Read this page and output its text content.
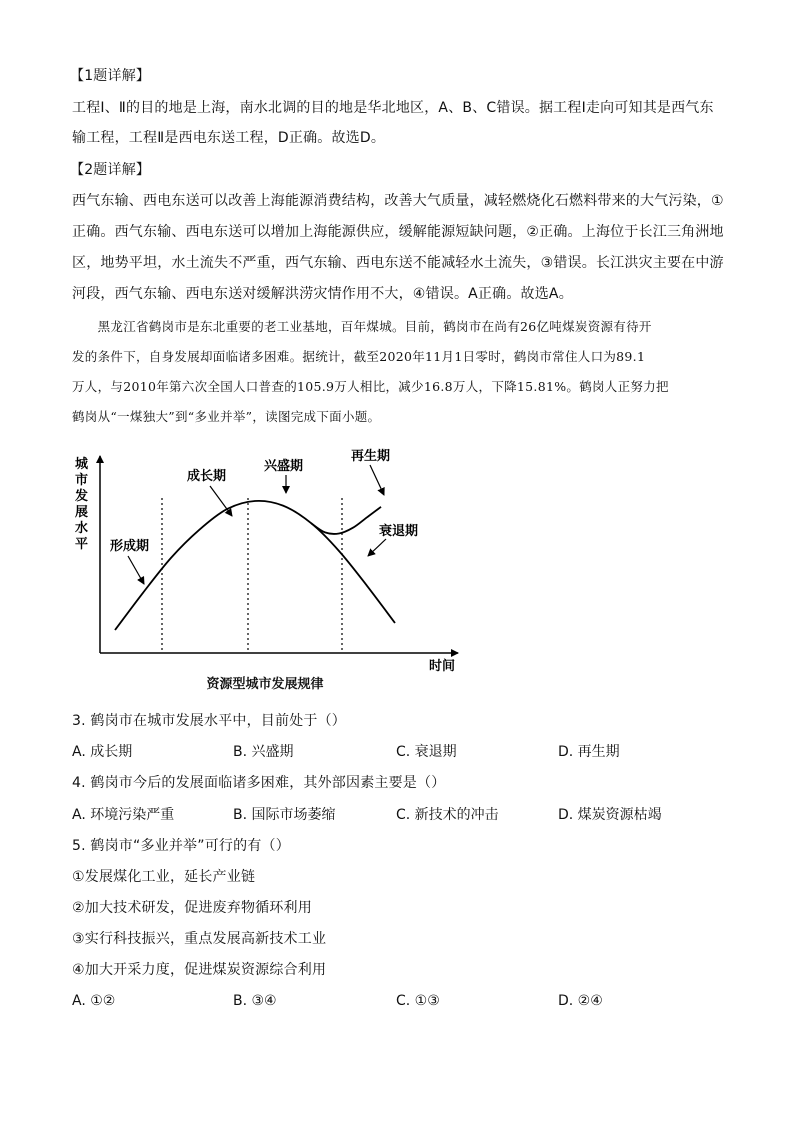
【1题详解】
工程Ⅰ、Ⅱ的目的地是上海，南水北调的目的地是华北地区，A、B、C错误。据工程Ⅰ走向可知其是西气东
输工程，工程Ⅱ是西电东送工程，D正确。故选D。
【2题详解】
西气东输、西电东送可以改善上海能源消费结构，改善大气质量，减轻燃烧化石燃料带来的大气污染，①
正确。西气东输、西电东送可以增加上海能源供应，缓解能源短缺问题，②正确。上海位于长江三角洲地
区，地势平坦，水土流失不严重，西气东输、西电东送不能减轻水土流失，③错误。长江洪灾主要在中游
河段，西气东输、西电东送对缓解洪涝灾情作用不大，④错误。A正确。故选A。
　　黑龙江省鹤岗市是东北重要的老工业基地，百年煤城。目前，鹤岗市在尚有26亿吨煤炭资源有待开
发的条件下，自身发展却面临诸多困难。据统计，截至2020年11月1日零时，鹤岗市常住人口为89.1
万人，与2010年第六次全国人口普查的105.9万人相比，减少16.8万人，下降15.81%。鹤岗人正努力把
鹤岗从“一煤独大”到“多业并举”，读图完成下面小题。
城 市 发 展 水 平
时间
形成期
成长期
兴盛期
再生期
衰退期
资源型城市发展规律
3. 鹤岗市在城市发展水平中，目前处于（）
A. 成长期	B. 兴盛期	C. 衰退期	D. 再生期
4. 鹤岗市今后的发展面临诸多困难，其外部因素主要是（）
A. 环境污染严重	B. 国际市场萎缩	C. 新技术的冲击	D. 煤炭资源枯竭
5. 鹤岗市“多业并举”可行的有（）
①发展煤化工业，延长产业链
②加大技术研发，促进废弃物循环利用
③实行科技振兴，重点发展高新技术工业
④加大开采力度，促进煤炭资源综合利用
A. ①②	B. ③④	C. ①③	D. ②④
